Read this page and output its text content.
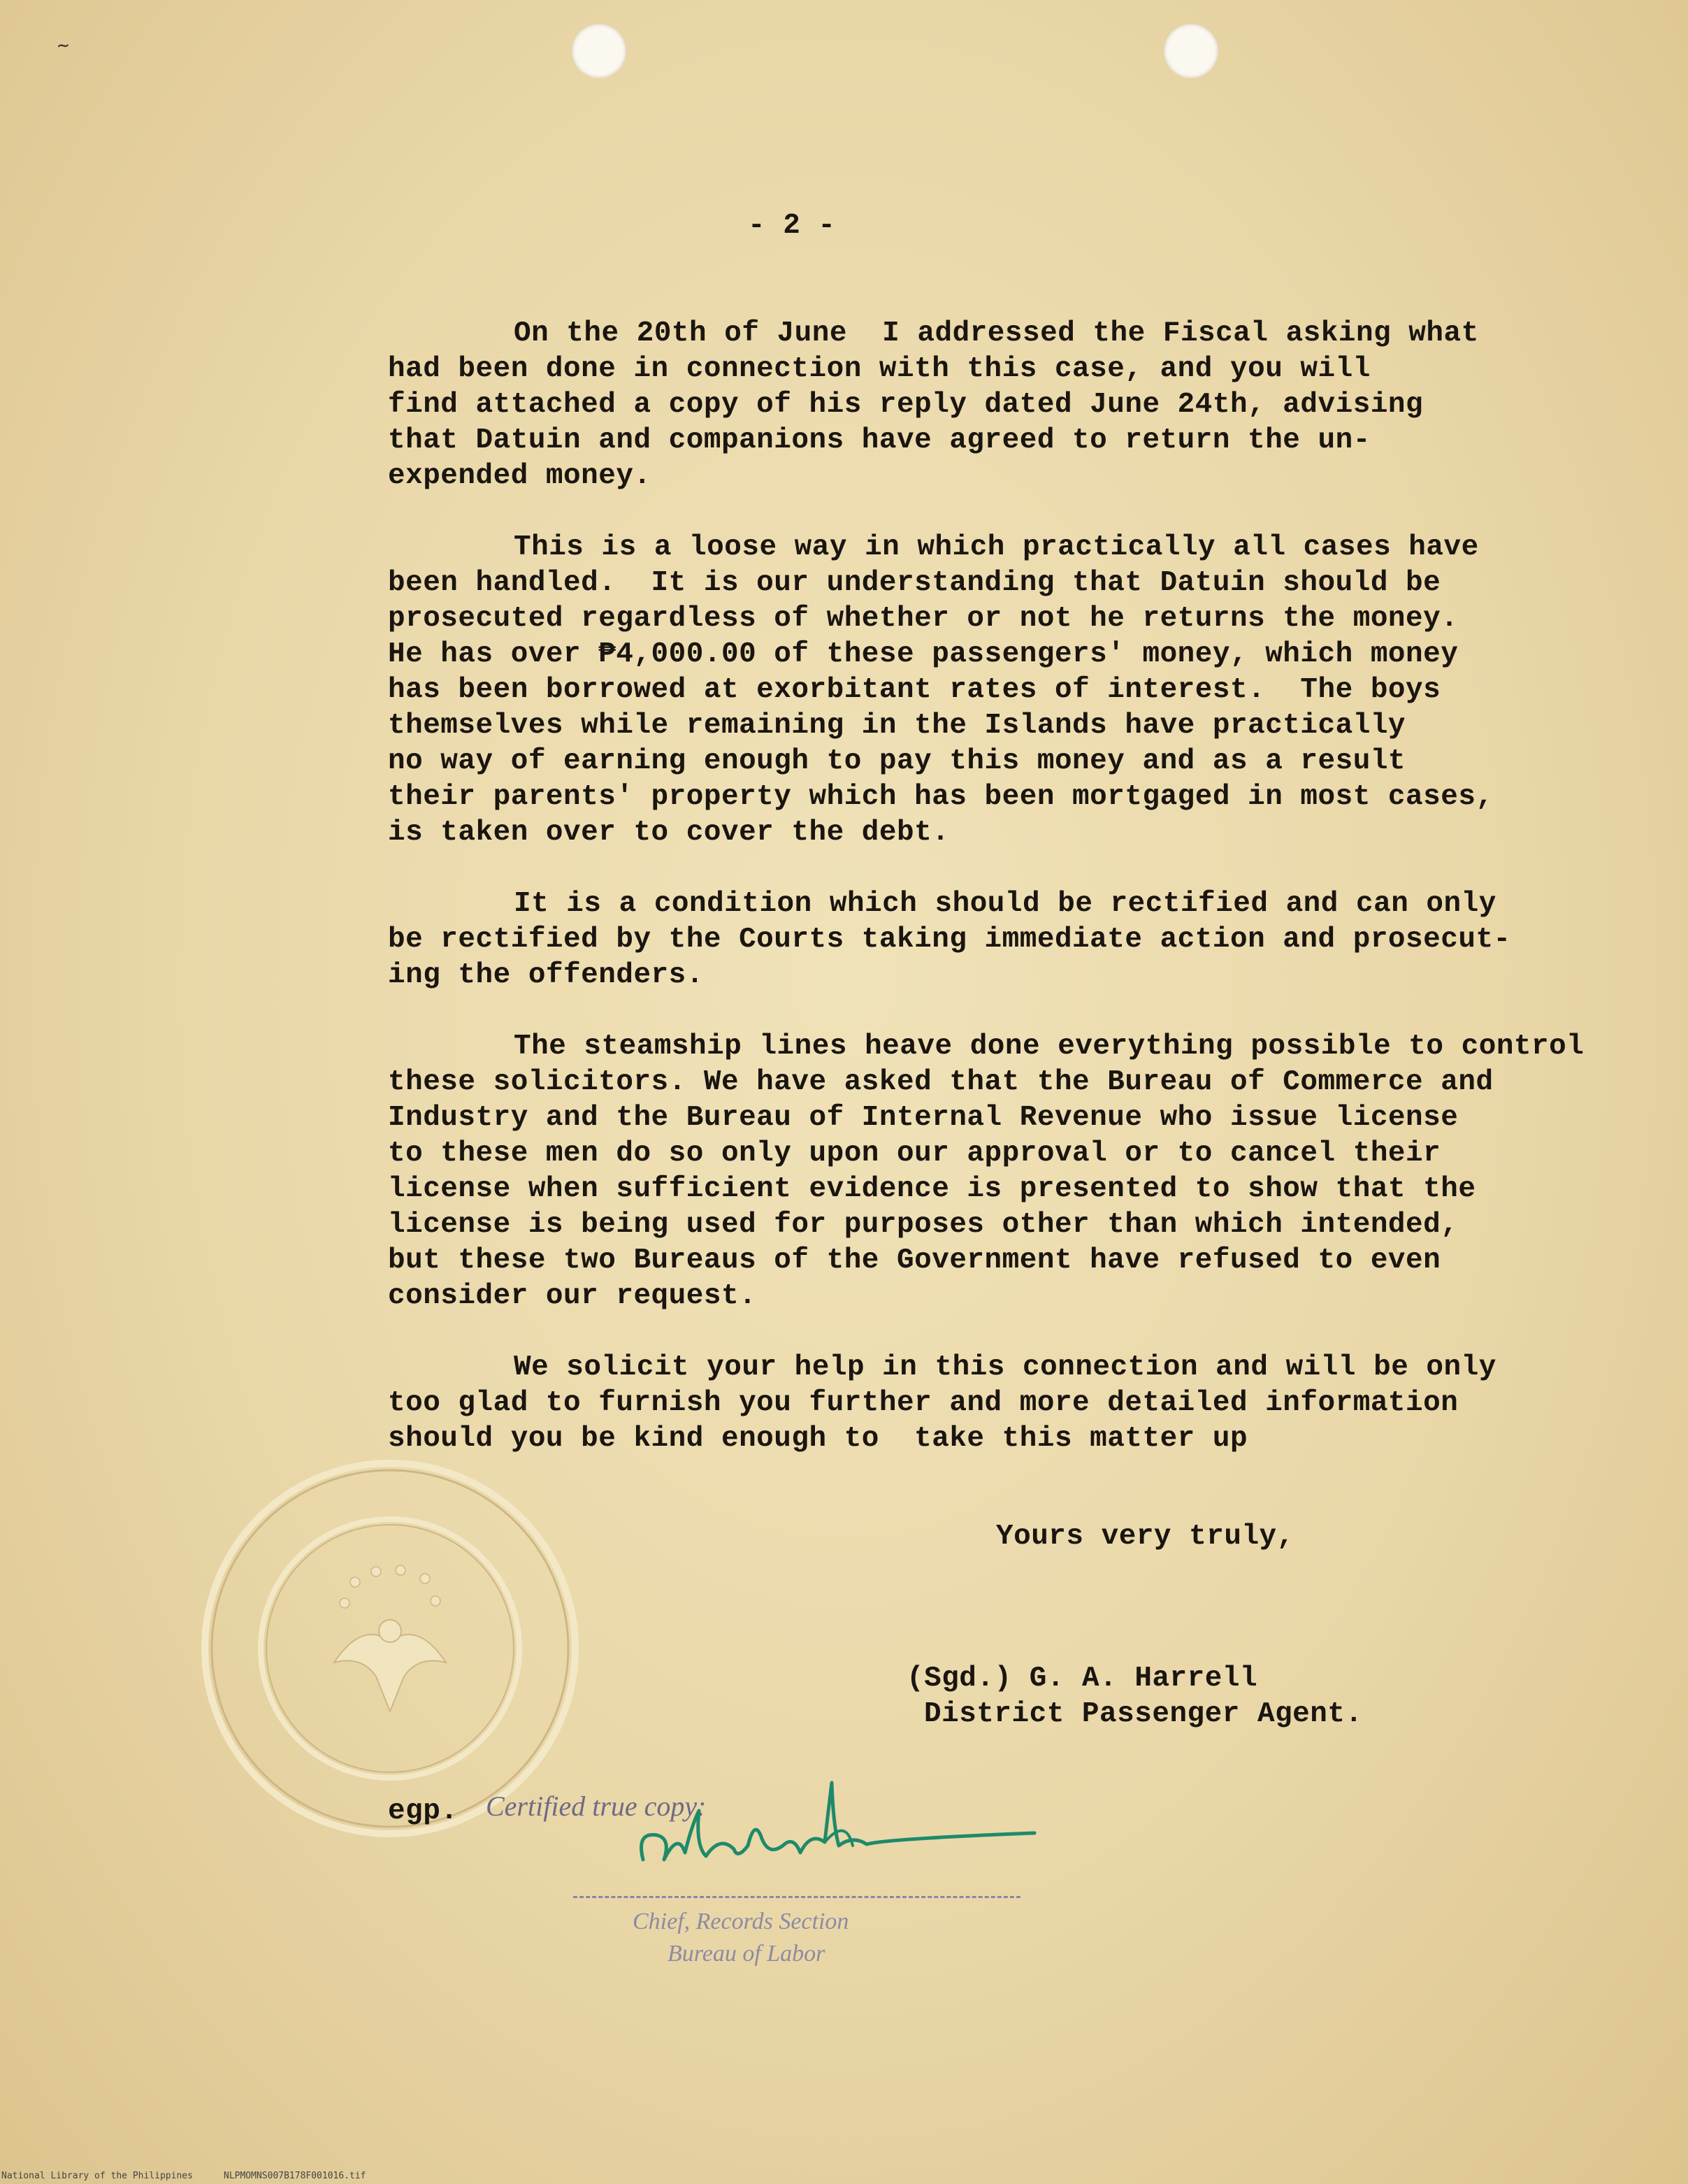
~
- 2 -
On the 20th of June  I addressed the Fiscal asking what
had been done in connection with this case, and you will
find attached a copy of his reply dated June 24th, advising
that Datuin and companions have agreed to return the un-
expended money.
This is a loose way in which practically all cases have
been handled.  It is our understanding that Datuin should be
prosecuted regardless of whether or not he returns the money.
He has over ₱4,000.00 of these passengers' money, which money
has been borrowed at exorbitant rates of interest.  The boys
themselves while remaining in the Islands have practically
no way of earning enough to pay this money and as a result
their parents' property which has been mortgaged in most cases,
is taken over to cover the debt.
It is a condition which should be rectified and can only
be rectified by the Courts taking immediate action and prosecut-
ing the offenders.
The steamship lines heave done everything possible to control
these solicitors. We have asked that the Bureau of Commerce and
Industry and the Bureau of Internal Revenue who issue license
to these men do so only upon our approval or to cancel their
license when sufficient evidence is presented to show that the
license is being used for purposes other than which intended,
but these two Bureaus of the Government have refused to even
consider our request.
We solicit your help in this connection and will be only
too glad to furnish you further and more detailed information
should you be kind enough to  take this matter up
Yours very truly,
(Sgd.) G. A. Harrell
District Passenger Agent.
egp. Certified true copy:
Chief, Records Section
Bureau of Labor
National Library of the Philippines	NLPMOMNS007B178F001016.tif
